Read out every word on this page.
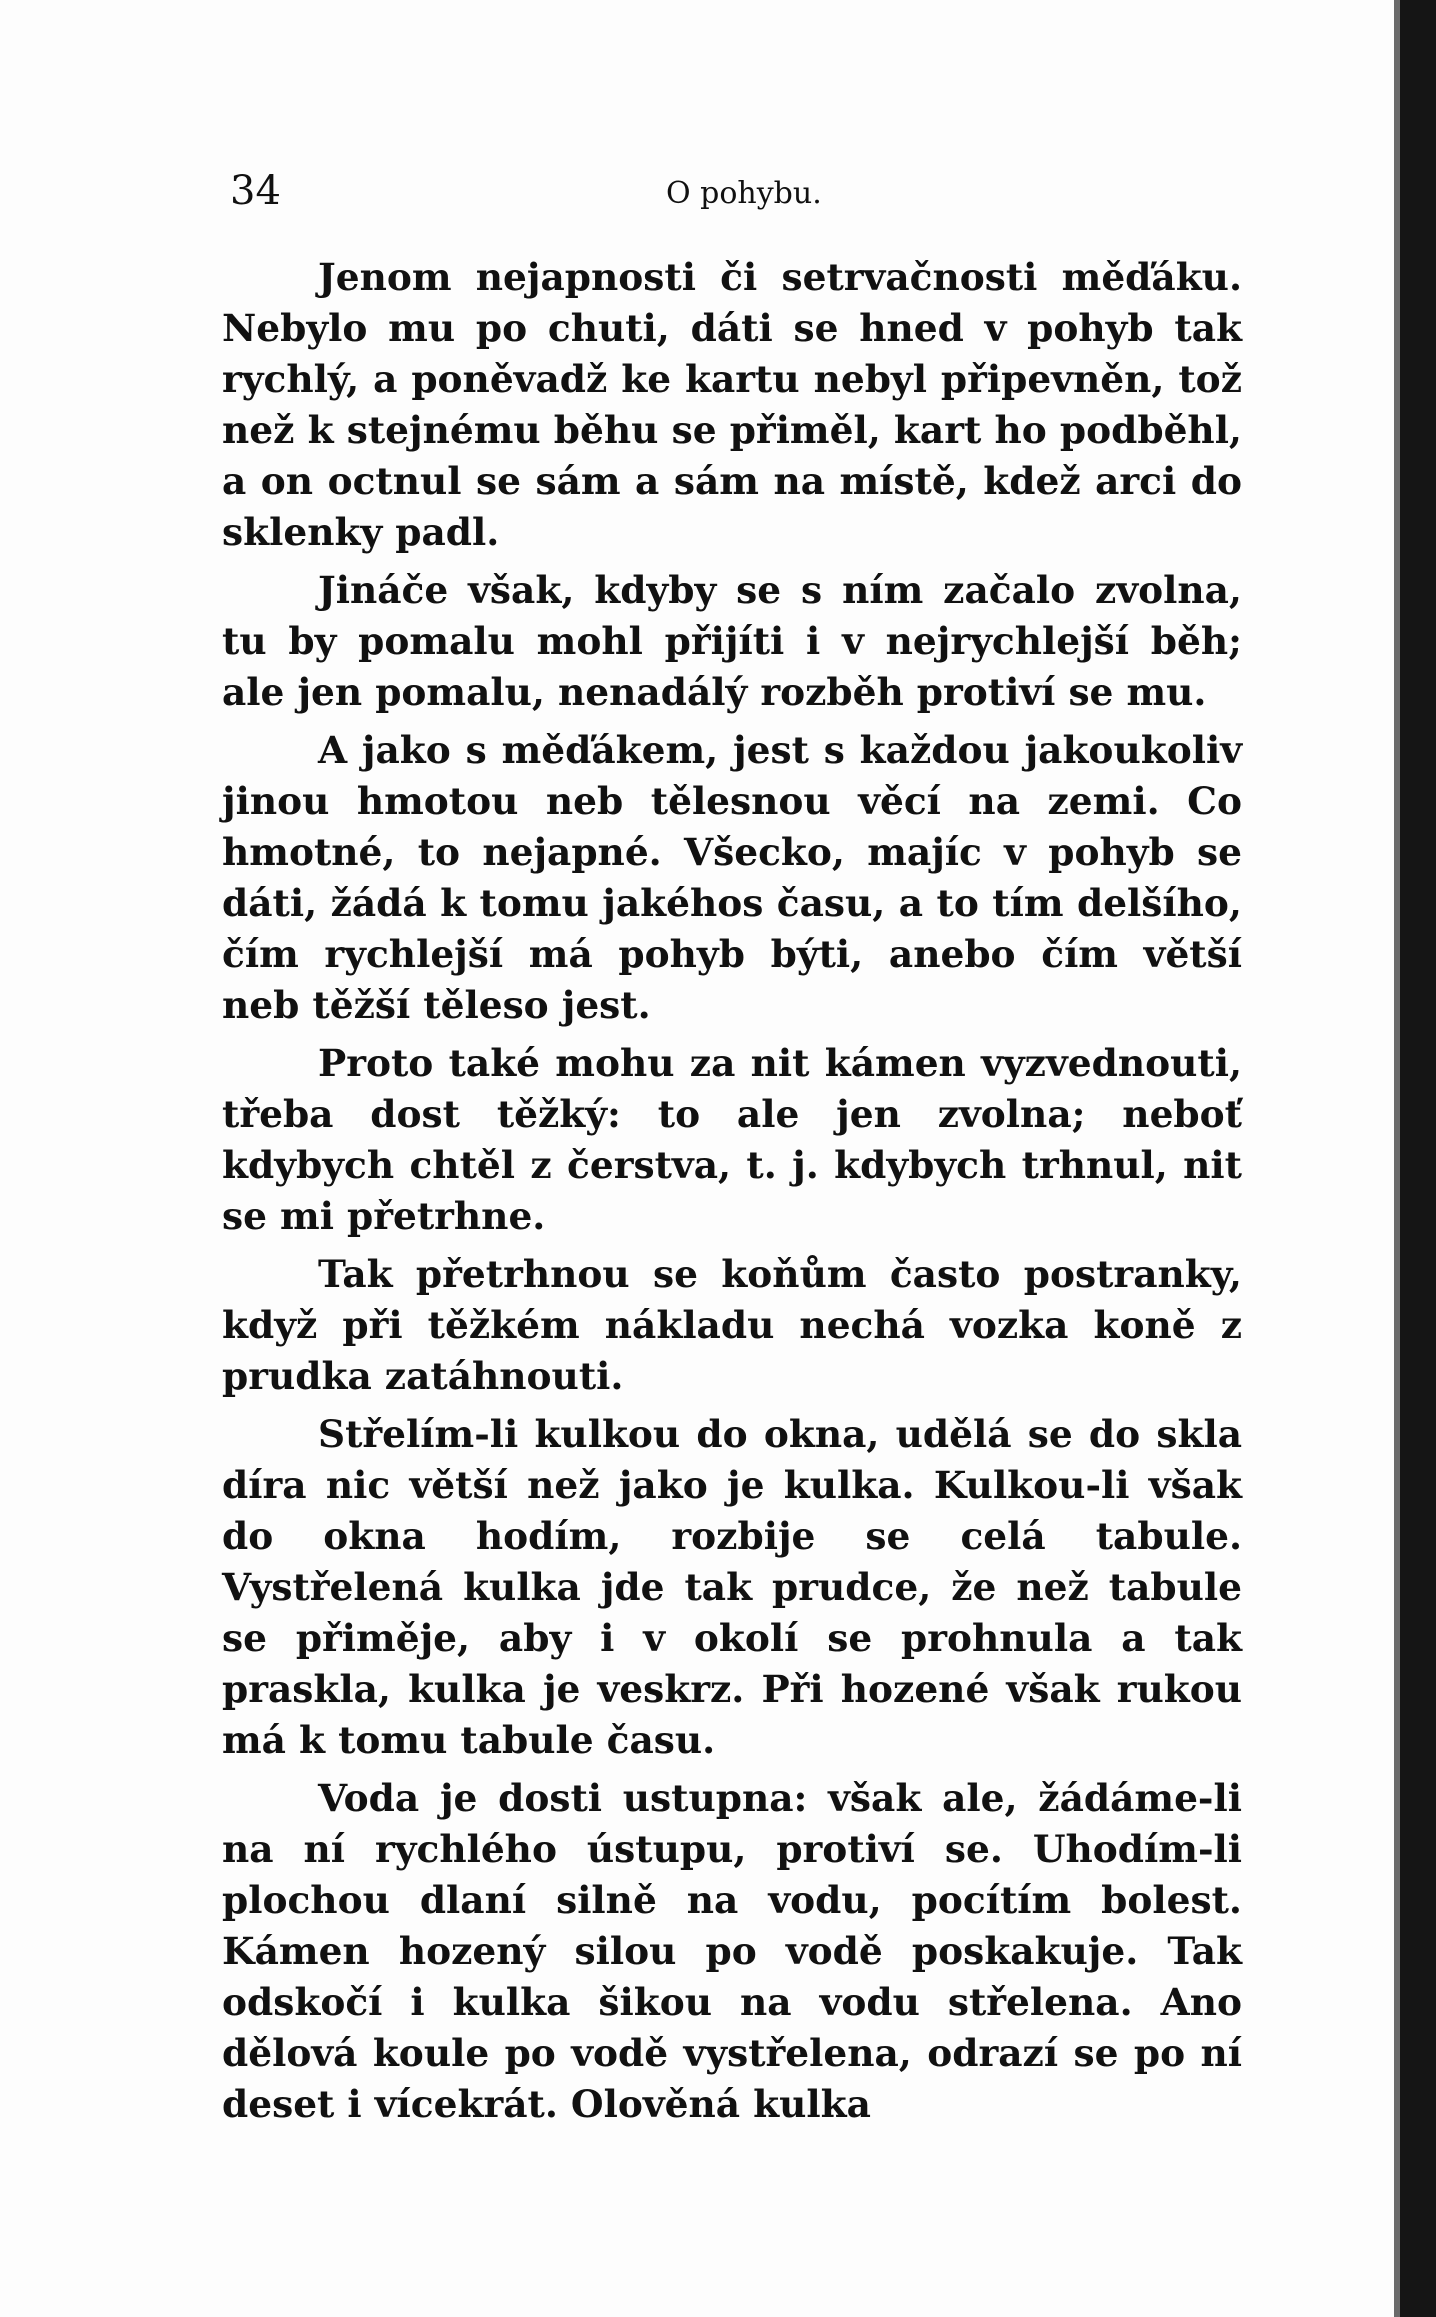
34	O pohybu.

Jenom nejapnosti či setrvačnosti měďáku. Nebylo mu po chuti, dáti se hned v pohyb tak rychlý, a poněvadž ke kartu nebyl připevněn, tož než k stejnému běhu se přiměl, kart ho podběhl, a on octnul se sám a sám na místě, kdež arci do sklenky padl.

Jináče však, kdyby se s ním začalo zvolna, tu by pomalu mohl přijíti i v nejrychlejší běh; ale jen pomalu, nenadálý rozběh protiví se mu.

A jako s měďákem, jest s každou jakoukoliv jinou hmotou neb tělesnou věcí na zemi. Co hmotné, to nejapné. Všecko, majíc v pohyb se dáti, žádá k tomu jakéhos času, a to tím delšího, čím rychlejší má pohyb býti, anebo čím větší neb těžší těleso jest.

Proto také mohu za nit kámen vyzvednouti, třeba dost těžký: to ale jen zvolna; neboť kdybych chtěl z čerstva, t. j. kdybych trhnul, nit se mi přetrhne.

Tak přetrhnou se koňům často postranky, když při těžkém nákladu nechá vozka koně z prudka zatáhnouti.

Střelím-li kulkou do okna, udělá se do skla díra nic větší než jako je kulka. Kulkou-li však do okna hodím, rozbije se celá tabule. Vystřelená kulka jde tak prudce, že než tabule se přiměje, aby i v okolí se prohnula a tak praskla, kulka je veskrz. Při hozené však rukou má k tomu tabule času.

Voda je dosti ustupna: však ale, žádáme-li na ní rychlého ústupu, protiví se. Uhodím-li plochou dlaní silně na vodu, pocítím bolest. Kámen hozený silou po vodě poskakuje. Tak odskočí i kulka šikou na vodu střelena. Ano dělová koule po vodě vystřelena, odrazí se po ní deset i vícekrát. Olověná kulka
